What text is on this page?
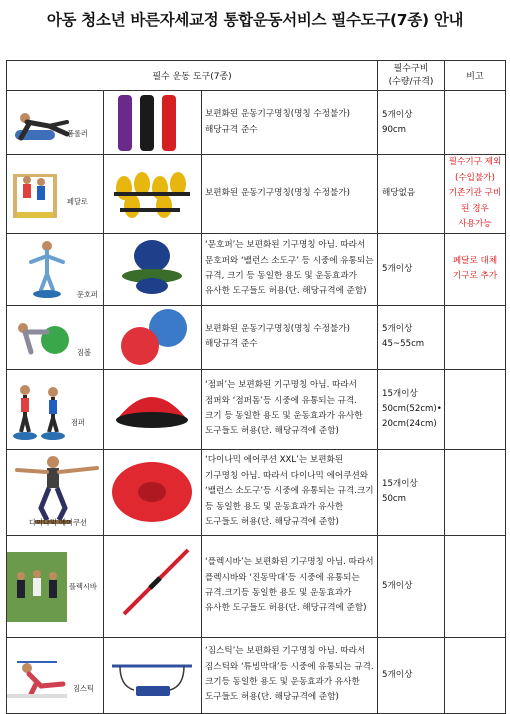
아동 청소년 바른자세교정 통합운동서비스 필수도구(7종) 안내
필수 운동 도구(7종)			필수구비
(수량/규격)	비고

폼롤러		보편화된 운동기구명칭(명칭 수정불가)
해당규격 준수	5개이상
90cm	

페달로		보편화된 운동기구명칭(명칭 수정불가)	해당없음	필수기구 제외(수입불가)
기존기관 구비된 경우
사용가능

문호퍼		‘문호퍼’는 보편화된 기구명칭 아님. 따라서 문호퍼와 ‘밸런스 소도구’ 등 시중에 유통되는 규격, 크기 등 동일한 용도 및 운동효과가 유사한 도구들도 허용(단. 해당규격에 준함)	5개이상	페달로 대체
기구로 추가

짐볼		보편화된 운동기구명칭(명칭 수정불가)
해당규격 준수	5개이상
45~55cm	

점퍼		‘점퍼’는 보편화된 기구명칭 아님. 따라서 점퍼와 ‘점퍼돔’등 시중에 유통되는 규격. 크기 등 동일한 용도 및 운동효과가 유사한 도구들도 허용(단. 해당규격에 준함)	15개이상
50cm(52cm)•
20cm(24cm)	

다이나믹 에어쿠션		‘다이나믹 에어쿠션 XXL’는 보편화된 기구명칭 아님. 따라서 다이나믹 에어쿠션와 ‘밸런스 소도구’등 시중에 유통되는 규격.크기 등 동일한 용도 및 운동효과가 유사한 도구들도 허용(단. 해당규격에 준함)	15개이상
50cm	

플렉시바		‘플렉시바’는 보편화된 기구명칭 아님. 따라서 플렉시바와 ‘진동막대’등 시중에 유통되는 규격.크기등 동일한 용도 및 운동효과가 유사한 도구들도 허용(단. 해당규격에 준함)	5개이상	

짐스틱		‘짐스틱’는 보편화된 기구명칭 아님. 따라서 짐스틱와 ‘튜빙막대’등 시중에 유통되는 규격.크기등 동일한 용도 및 운동효과가 유사한 도구들도 허용(단. 해당규격에 준함)	5개이상	
